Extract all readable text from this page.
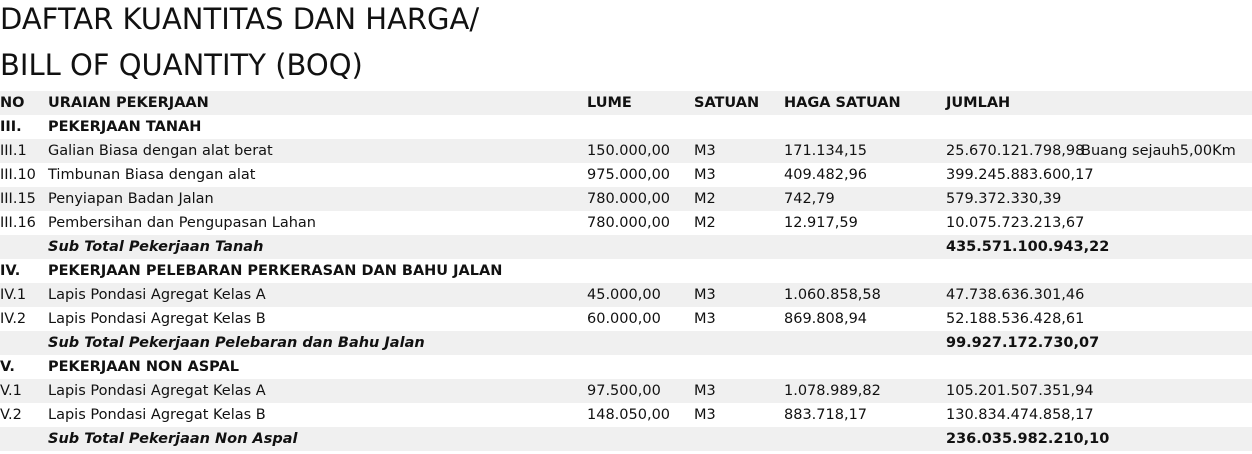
DAFTAR KUANTITAS DAN HARGA/
BILL OF QUANTITY (BOQ)
NO URAIAN PEKERJAAN	LUME	SATUAN HAGA SATUAN	JUMLAH
III. PEKERJAAN TANAH
III.1 Galian Biasa dengan alat berat	150.000,00 M3	171.134,15	25.670.121.798,98
Buang sejauh5,00Km
III.10 Timbunan Biasa dengan alat	975.000,00 M3	409.482,96	399.245.883.600,17
III.15 Penyiapan Badan Jalan	780.000,00 M2	742,79	579.372.330,39
III.16 Pembersihan dan Pengupasan Lahan	780.000,00 M2	12.917,59	10.075.723.213,67
Sub Total Pekerjaan Tanah	435.571.100.943,22
IV. PEKERJAAN PELEBARAN PERKERASAN DAN BAHU JALAN
IV.1 Lapis Pondasi Agregat Kelas A	45.000,00 M3	1.060.858,58	47.738.636.301,46
IV.2 Lapis Pondasi Agregat Kelas B	60.000,00 M3	869.808,94	52.188.536.428,61
Sub Total Pekerjaan Pelebaran dan Bahu Jalan	99.927.172.730,07
V. PEKERJAAN NON ASPAL
V.1 Lapis Pondasi Agregat Kelas A	97.500,00 M3	1.078.989,82	105.201.507.351,94
V.2 Lapis Pondasi Agregat Kelas B	148.050,00 M3	883.718,17	130.834.474.858,17
Sub Total Pekerjaan Non Aspal	236.035.982.210,10
